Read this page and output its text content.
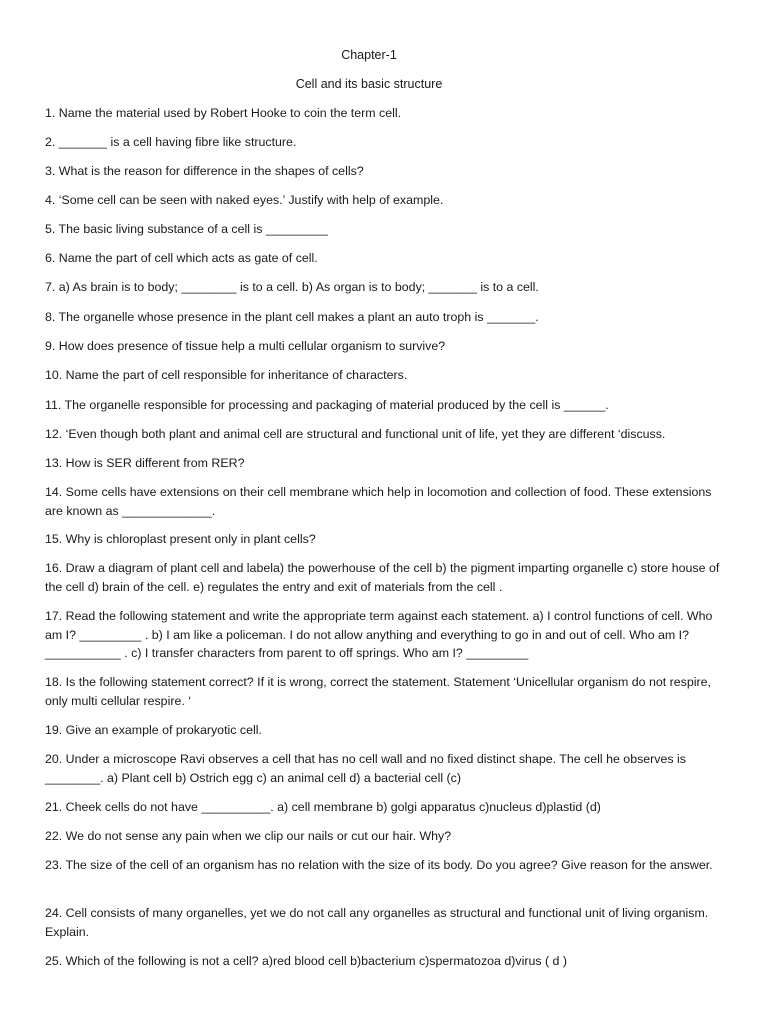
Chapter-1
Cell and its basic structure
1. Name the material used by Robert Hooke to coin the term cell.
2. _______ is a cell having fibre like structure.
3. What is the reason for difference in the shapes of cells?
4. ‘Some cell can be seen with naked eyes.’ Justify with help of example.
5. The basic living substance of a cell is _________
6. Name the part of cell which acts as gate of cell.
7. a) As brain is to body; ________ is to a cell. b) As organ is to body; _______ is to a cell.
8. The organelle whose presence in the plant cell makes a plant an auto troph is _______.
9. How does presence of tissue help a multi cellular organism to survive?
10. Name the part of cell responsible for inheritance of characters.
11. The organelle responsible for processing and packaging of material produced by the cell is ______.
12. ‘Even though both plant and animal cell are structural and functional unit of life, yet they are different ‘discuss.
13. How is SER different from RER?
14. Some cells have extensions on their cell membrane which help in locomotion and collection of food. These extensions are known as _____________.
15. Why is chloroplast present only in plant cells?
16. Draw a diagram of plant cell and labela) the powerhouse of the cell b) the pigment imparting organelle c) store house of the cell d) brain of the cell. e) regulates the entry and exit of materials from the cell .
17. Read the following statement and write the appropriate term against each statement. a) I control functions of cell. Who am I? _________ . b) I am like a policeman. I do not allow anything and everything to go in and out of cell. Who am I? ___________ . c) I transfer characters from parent to off springs. Who am I? _________
18. Is the following statement correct? If it is wrong, correct the statement. Statement ‘Unicellular organism do not respire, only multi cellular respire. ‘
19. Give an example of prokaryotic cell.
20. Under a microscope Ravi observes a cell that has no cell wall and no fixed distinct shape. The cell he observes is ________. a) Plant cell b) Ostrich egg c) an animal cell d) a bacterial cell (c)
21. Cheek cells do not have __________. a) cell membrane b) golgi apparatus c)nucleus d)plastid (d)
22. We do not sense any pain when we clip our nails or cut our hair. Why?
23. The size of the cell of an organism has no relation with the size of its body. Do you agree? Give reason for the answer.
24. Cell consists of many organelles, yet we do not call any organelles as structural and functional unit of living organism. Explain.
25. Which of the following is not a cell? a)red blood cell b)bacterium c)spermatozoa d)virus ( d )
